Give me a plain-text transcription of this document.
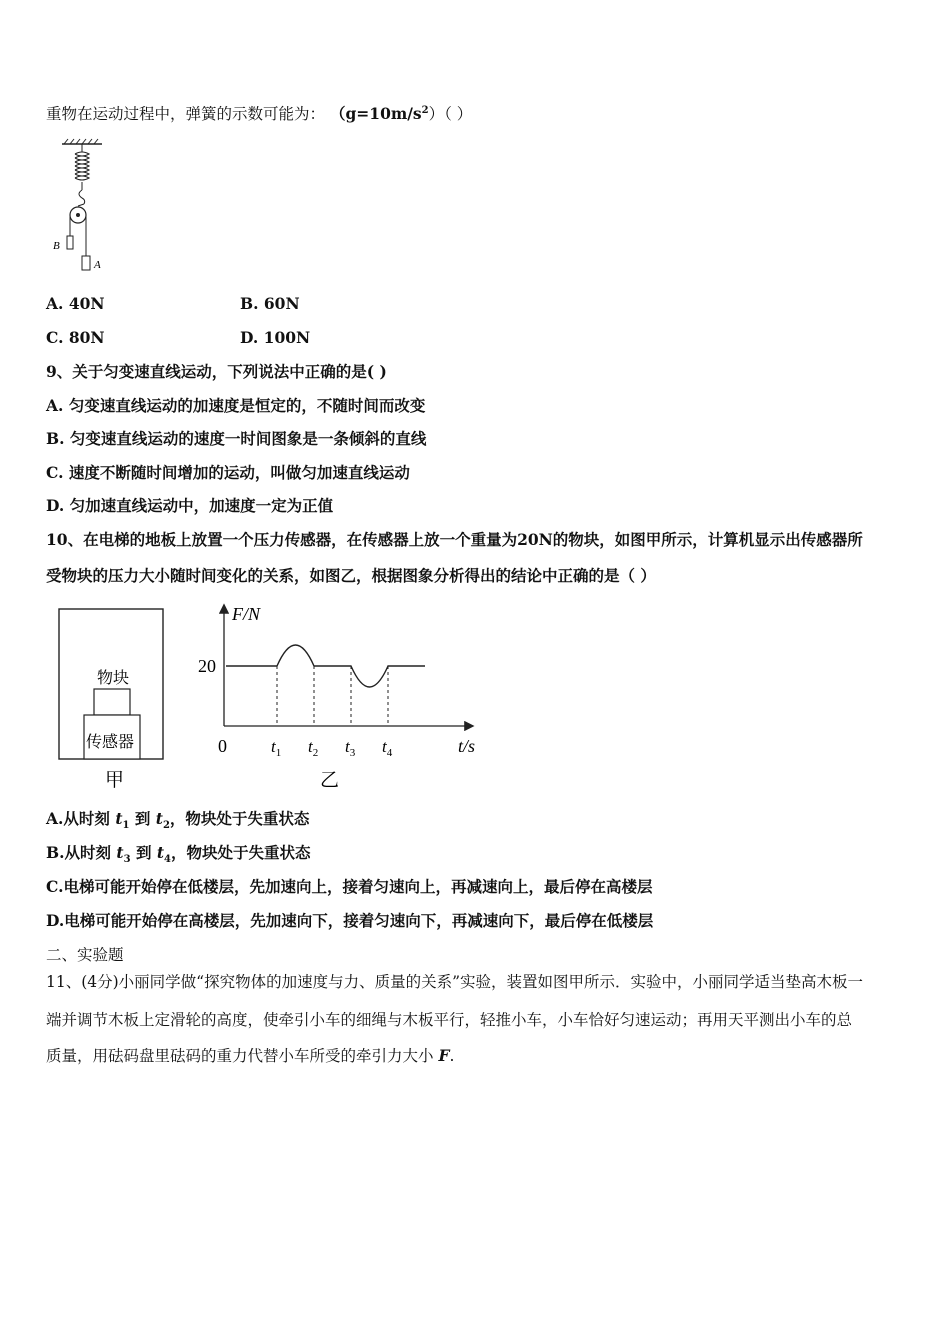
重物在运动过程中，弹簧的示数可能为： $(g=10m/s^2)$（ ）
B
A
A. 40N	B. 60N
C. 80N	D. 100N
9、关于匀变速直线运动，下列说法中正确的是( )
A. 匀变速直线运动的加速度是恒定的，不随时间而改变
B. 匀变速直线运动的速度一时间图象是一条倾斜的直线
C. 速度不断随时间增加的运动，叫做匀加速直线运动
D. 匀加速直线运动中，加速度一定为正值
10、在电梯的地板上放置一个压力传感器，在传感器上放一个重量为20N的物块，如图甲所示，计算机显示出传感器所
受物块的压力大小随时间变化的关系，如图乙，根据图象分析得出的结论中正确的是（ ）
物块
传感器
甲
F/N
t/s
0
20
$t_1$ $t_2$ $t_3$ $t_4$
乙
A.从时刻 $t_1$ 到 $t_2$，物块处于失重状态
B.从时刻 $t_3$ 到 $t_4$，物块处于失重状态
C.电梯可能开始停在低楼层，先加速向上，接着匀速向上，再减速向上，最后停在高楼层
D.电梯可能开始停在高楼层，先加速向下，接着匀速向下，再减速向下，最后停在低楼层
二、实验题
11、(4分)小丽同学做“探究物体的加速度与力、质量的关系”实验，装置如图甲所示．实验中，小丽同学适当垫高木板一
端并调节木板上定滑轮的高度，使牵引小车的细绳与木板平行，轻推小车，小车恰好匀速运动；再用天平测出小车的总
质量，用砝码盘里砝码的重力代替小车所受的牵引力大小 F.
